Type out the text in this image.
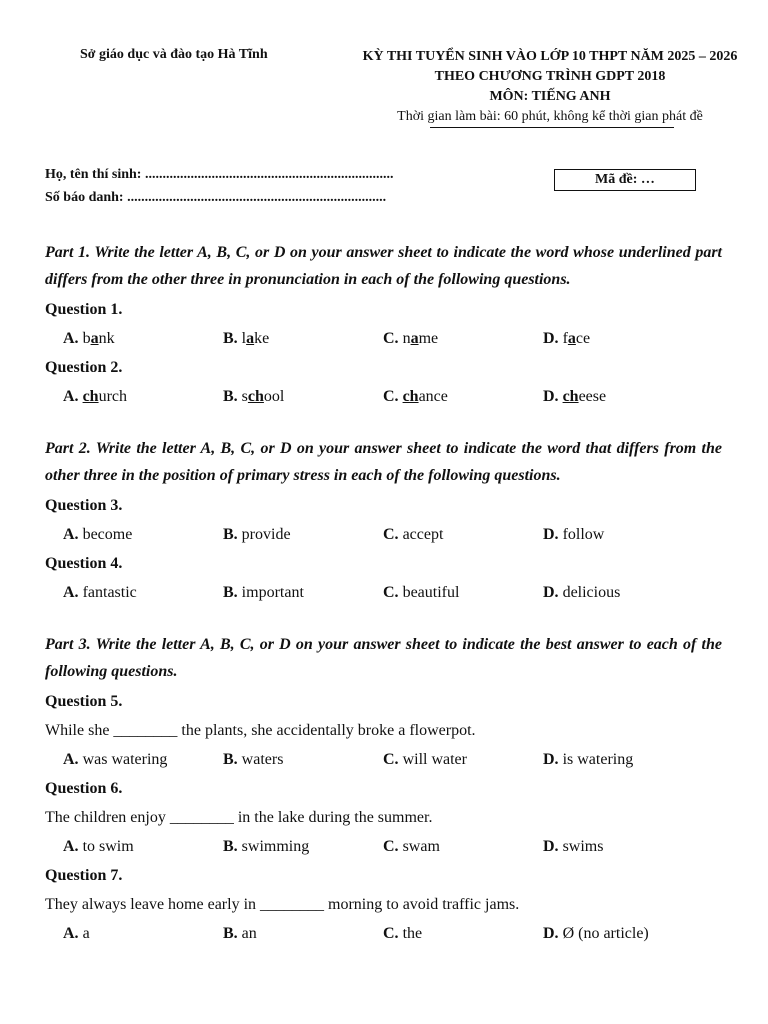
Sở giáo dục và đào tạo Hà Tĩnh	KỲ THI TUYỂN SINH VÀO LỚP 10 THPT NĂM 2025 – 2026
THEO CHƯƠNG TRÌNH GDPT 2018
MÔN: TIẾNG ANH
Thời gian làm bài: 60 phút, không kể thời gian phát đề
Họ, tên thí sinh: .......................................................................
Số báo danh: ..........................................................................
Mã đề: …
Part 1. Write the letter A, B, C, or D on your answer sheet to indicate the word whose underlined part differs from the other three in pronunciation in each of the following questions.
Question 1.
A. bank	B. lake	C. name	D. face
Question 2.
A. church	B. school	C. chance	D. cheese
Part 2. Write the letter A, B, C, or D on your answer sheet to indicate the word that differs from the other three in the position of primary stress in each of the following questions.
Question 3.
A. become	B. provide	C. accept	D. follow
Question 4.
A. fantastic	B. important	C. beautiful	D. delicious
Part 3. Write the letter A, B, C, or D on your answer sheet to indicate the best answer to each of the following questions.
Question 5.
While she ________ the plants, she accidentally broke a flowerpot.
A. was watering	B. waters	C. will water	D. is watering
Question 6.
The children enjoy ________ in the lake during the summer.
A. to swim	B. swimming	C. swam	D. swims
Question 7.
They always leave home early in ________ morning to avoid traffic jams.
A. a	B. an	C. the	D. Ø (no article)
